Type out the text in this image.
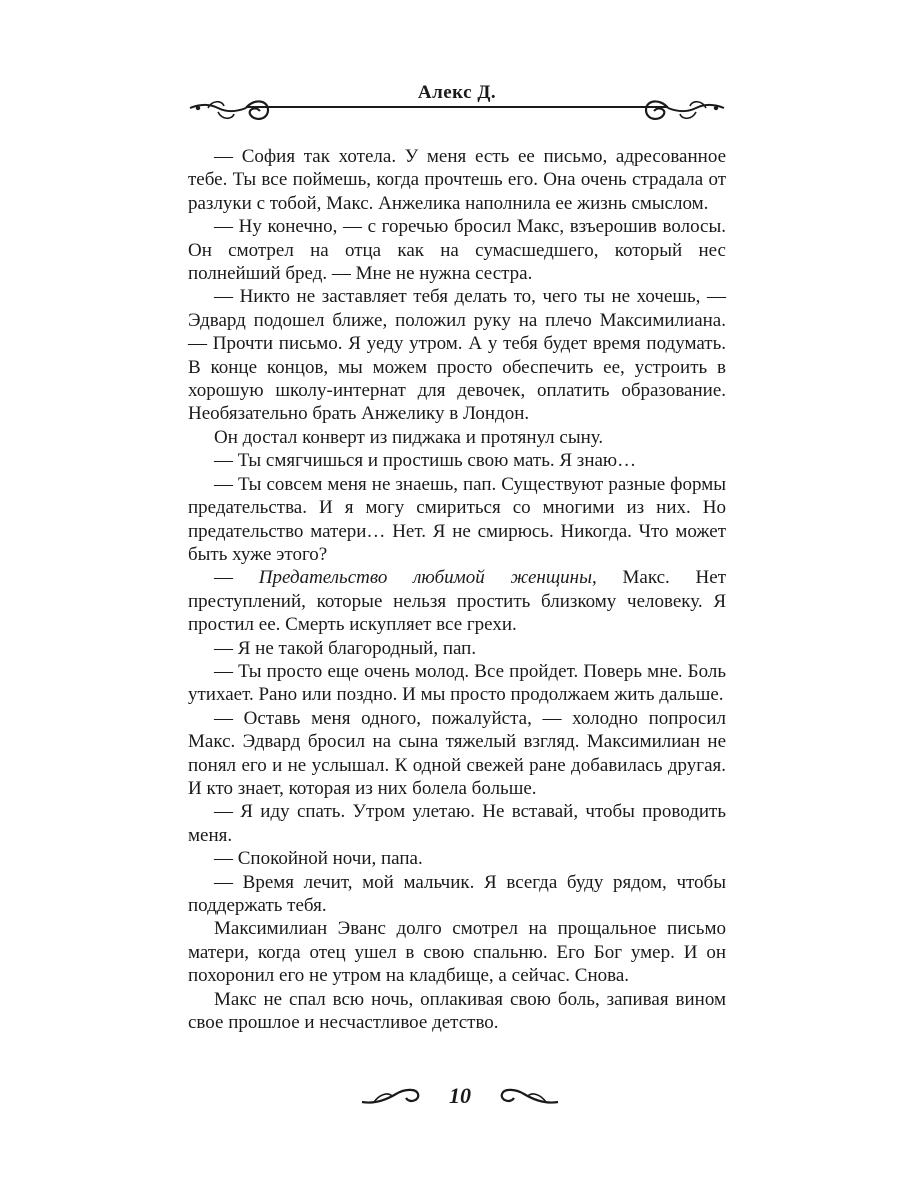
Алекс Д.

— София так хотела. У меня есть ее письмо, адресованное тебе. Ты все поймешь, когда прочтешь его. Она очень страдала от разлуки с тобой, Макс. Анжелика наполнила ее жизнь смыслом.

— Ну конечно, — с горечью бросил Макс, взъерошив волосы. Он смотрел на отца как на сумасшедшего, который нес полнейший бред. — Мне не нужна сестра.

— Никто не заставляет тебя делать то, чего ты не хочешь, — Эдвард подошел ближе, положил руку на плечо Максимилиана. — Прочти письмо. Я уеду утром. А у тебя будет время подумать. В конце концов, мы можем просто обеспечить ее, устроить в хорошую школу-интернат для девочек, оплатить образование. Необязательно брать Анжелику в Лондон.

Он достал конверт из пиджака и протянул сыну.

— Ты смягчишься и простишь свою мать. Я знаю…

— Ты совсем меня не знаешь, пап. Существуют разные формы предательства. И я могу смириться со многими из них. Но предательство матери… Нет. Я не смирюсь. Никогда. Что может быть хуже этого?

— Предательство любимой женщины, Макс. Нет преступлений, которые нельзя простить близкому человеку. Я простил ее. Смерть искупляет все грехи.

— Я не такой благородный, пап.

— Ты просто еще очень молод. Все пройдет. Поверь мне. Боль утихает. Рано или поздно. И мы просто продолжаем жить дальше.

— Оставь меня одного, пожалуйста, — холодно попросил Макс. Эдвард бросил на сына тяжелый взгляд. Максимилиан не понял его и не услышал. К одной свежей ране добавилась другая. И кто знает, которая из них болела больше.

— Я иду спать. Утром улетаю. Не вставай, чтобы проводить меня.

— Спокойной ночи, папа.

— Время лечит, мой мальчик. Я всегда буду рядом, чтобы поддержать тебя.

Максимилиан Эванс долго смотрел на прощальное письмо матери, когда отец ушел в свою спальню. Его Бог умер. И он похоронил его не утром на кладбище, а сейчас. Снова.

Макс не спал всю ночь, оплакивая свою боль, запивая вином свое прошлое и несчастливое детство.

10
